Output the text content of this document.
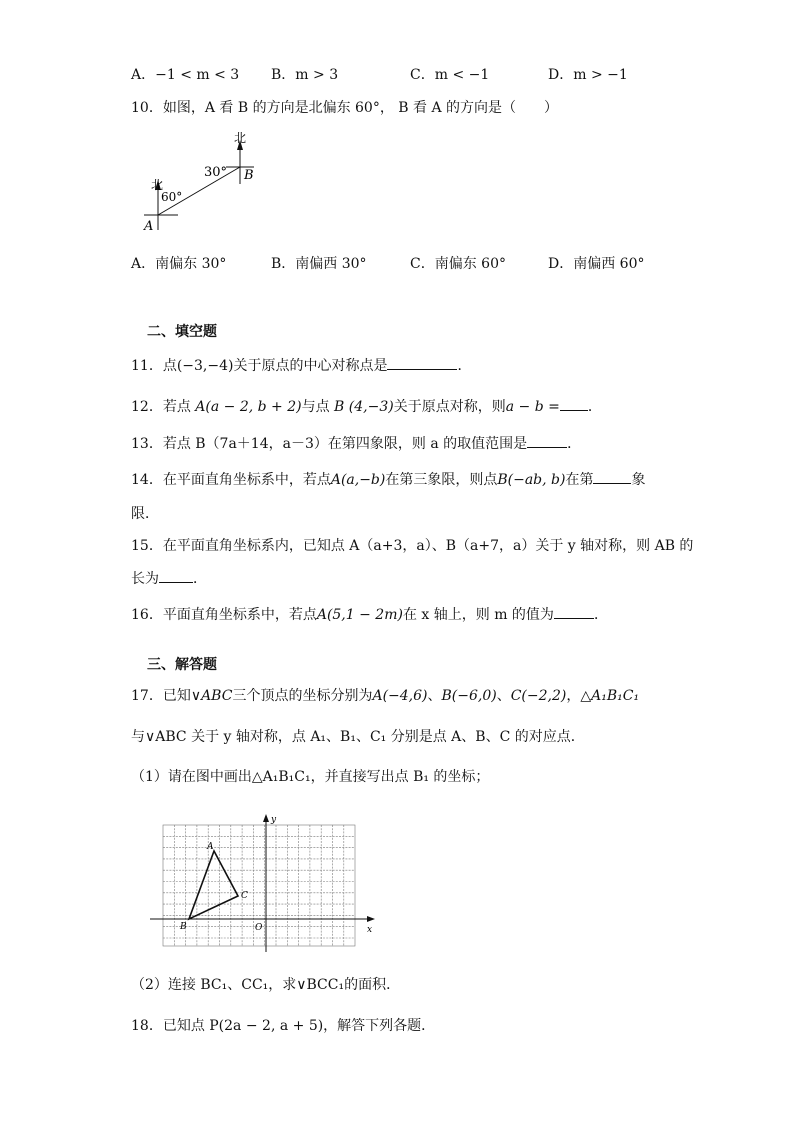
A．−1 < m < 3 B．m > 3	C．m < −1	D．m > −1
10．如图，A 看 B 的方向是北偏东 60°， B 看 A 的方向是（　　）
北
60°
A
北
30° B
A．南偏东 30°	B．南偏西 30°	C．南偏东 60°	D．南偏西 60°
二、填空题
11．点(−3,−4)关于原点的中心对称点是	．
12．若点 A(a − 2, b + 2)与点 B (4,−3)关于原点对称，则a − b = ．
13．若点 B（7a＋14，a－3）在第四象限，则 a 的取值范围是	．
14．在平面直角坐标系中，若点A(a,−b)在第三象限，则点B(−ab, b)在第	象
限．
15．在平面直角坐标系内，已知点 A（a+3，a）、B（a+7，a）关于 y 轴对称，则 AB 的
长为 ．
16．平面直角坐标系中，若点A(5,1 − 2m)在 x 轴上，则 m 的值为	．
三、解答题
17．已知∨ABC三个顶点的坐标分别为A(−4,6)、B(−6,0)、C(−2,2)，△A₁B₁C₁
与∨ABC 关于 y 轴对称，点 A₁、B₁、C₁ 分别是点 A、B、C 的对应点．
（1）请在图中画出△A₁B₁C₁，并直接写出点 B₁ 的坐标；
y
x
O
A
B
C
（2）连接 BC₁、CC₁，求∨BCC₁的面积．
18．已知点 P(2a − 2, a + 5)，解答下列各题．
